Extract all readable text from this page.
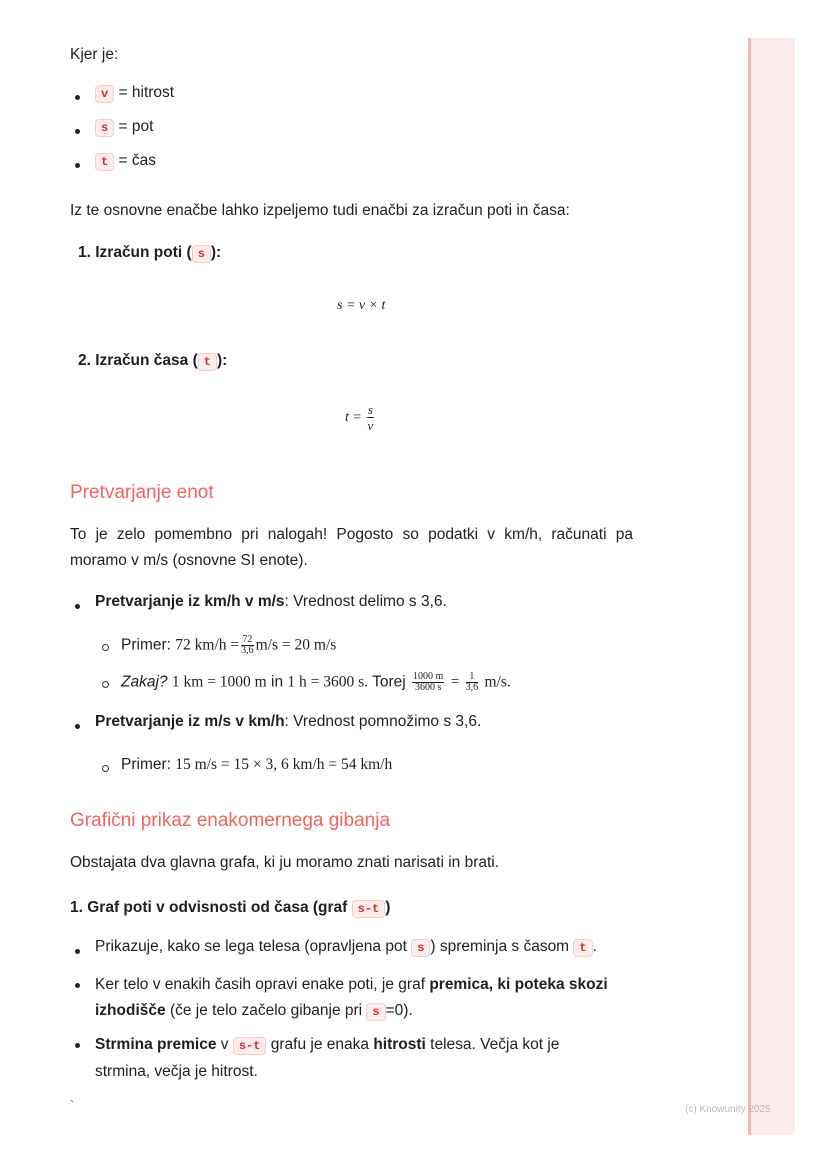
Kjer je:
v = hitrost
s = pot
t = čas
Iz te osnovne enačbe lahko izpeljemo tudi enačbi za izračun poti in časa:
1. Izračun poti ( s ):
s = v × t
2. Izračun časa ( t ):
$t = \frac{s}{v}$
Pretvarjanje enot
To je zelo pomembno pri nalogah! Pogosto so podatki v km/h, računati pa moramo v m/s (osnovne SI enote).
Pretvarjanje iz km/h v m/s: Vrednost delimo s 3,6.
Primer: 72 $km/h = \frac{72}{3,6} m/s = 20$ m/s
Zakaj? 1 km = 1000 m in 1 h = 3600 s. Torej $\frac{1000 m}{3600 s} = \frac{1}{3,6} m/s$.
Pretvarjanje iz m/s v km/h: Vrednost pomnožimo s 3,6.
Primer: 15 m/s = 15 × 3, 6 km/h = 54 km/h
Grafični prikaz enakomernega gibanja
Obstajata dva glavna grafa, ki ju moramo znati narisati in brati.
1. Graf poti v odvisnosti od časa (graf s-t )
Prikazuje, kako se lega telesa (opravljena pot s ) spreminja s časom t .
Ker telo v enakih časih opravi enake poti, je graf premica, ki poteka skozi izhodišče (če je telo začelo gibanje pri s =0).
Strmina premice v s-t grafu je enaka hitrosti telesa. Večja kot je strmina, večja je hitrost.
`	(c) Knowunity 2025
